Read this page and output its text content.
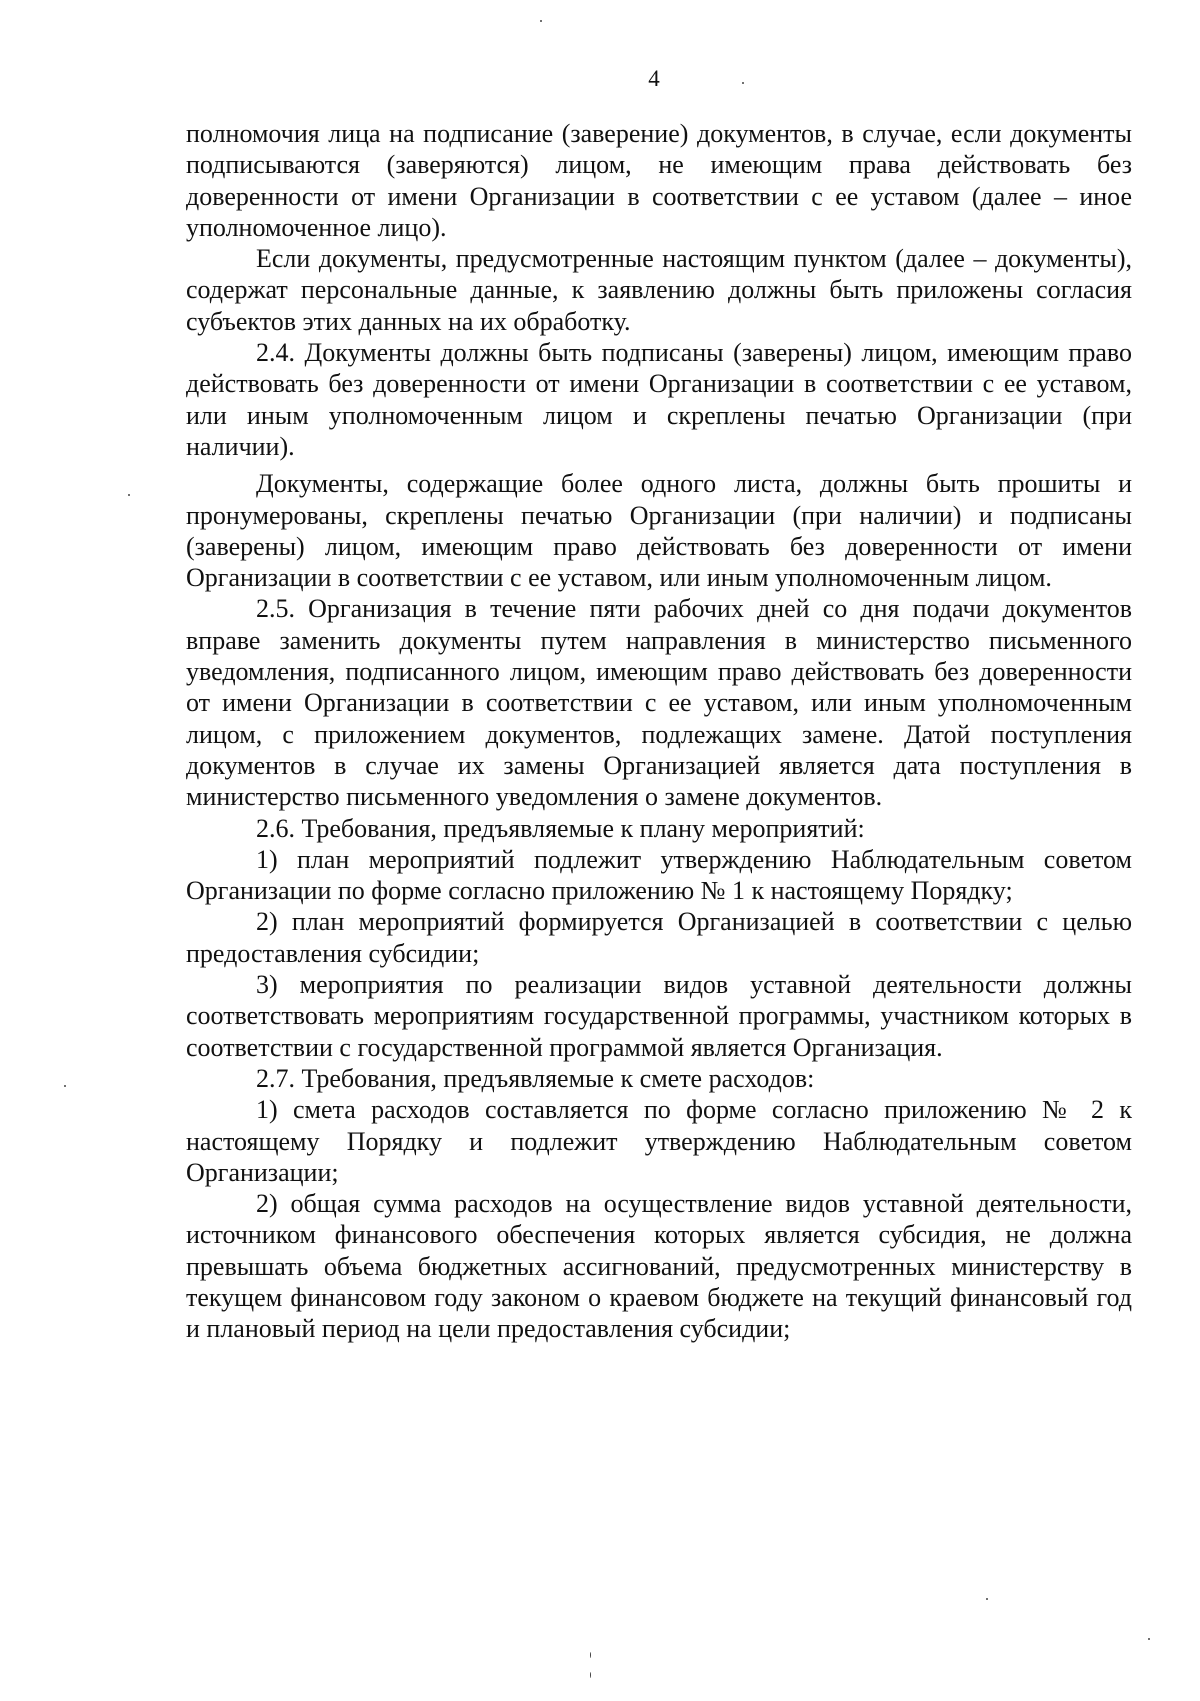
4

полномочия лица на подписание (заверение) документов, в случае, если документы подписываются (заверяются) лицом, не имеющим права действовать без доверенности от имени Организации в соответствии с ее уставом (далее – иное уполномоченное лицо).

Если документы, предусмотренные настоящим пунктом (далее – документы), содержат персональные данные, к заявлению должны быть приложены согласия субъектов этих данных на их обработку.

2.4. Документы должны быть подписаны (заверены) лицом, имеющим право действовать без доверенности от имени Организации в соответствии с ее уставом, или иным уполномоченным лицом и скреплены печатью Организации (при наличии).

Документы, содержащие более одного листа, должны быть прошиты и пронумерованы, скреплены печатью Организации (при наличии) и подписаны (заверены) лицом, имеющим право действовать без доверенности от имени Организации в соответствии с ее уставом, или иным уполномоченным лицом.

2.5. Организация в течение пяти рабочих дней со дня подачи документов вправе заменить документы путем направления в министерство письменного уведомления, подписанного лицом, имеющим право действовать без доверенности от имени Организации в соответствии с ее уставом, или иным уполномоченным лицом, с приложением документов, подлежащих замене. Датой поступления документов в случае их замены Организацией является дата поступления в министерство письменного уведомления о замене документов.

2.6. Требования, предъявляемые к плану мероприятий:

1) план мероприятий подлежит утверждению Наблюдательным советом Организации по форме согласно приложению № 1 к настоящему Порядку;

2) план мероприятий формируется Организацией в соответствии с целью предоставления субсидии;

3) мероприятия по реализации видов уставной деятельности должны соответствовать мероприятиям государственной программы, участником которых в соответствии с государственной программой является Организация.

2.7. Требования, предъявляемые к смете расходов:

1) смета расходов составляется по форме согласно приложению № 2 к настоящему Порядку и подлежит утверждению Наблюдательным советом Организации;

2) общая сумма расходов на осуществление видов уставной деятельности, источником финансового обеспечения которых является субсидия, не должна превышать объема бюджетных ассигнований, предусмотренных министерству в текущем финансовом году законом о краевом бюджете на текущий финансовый год и плановый период на цели предоставления субсидии;
